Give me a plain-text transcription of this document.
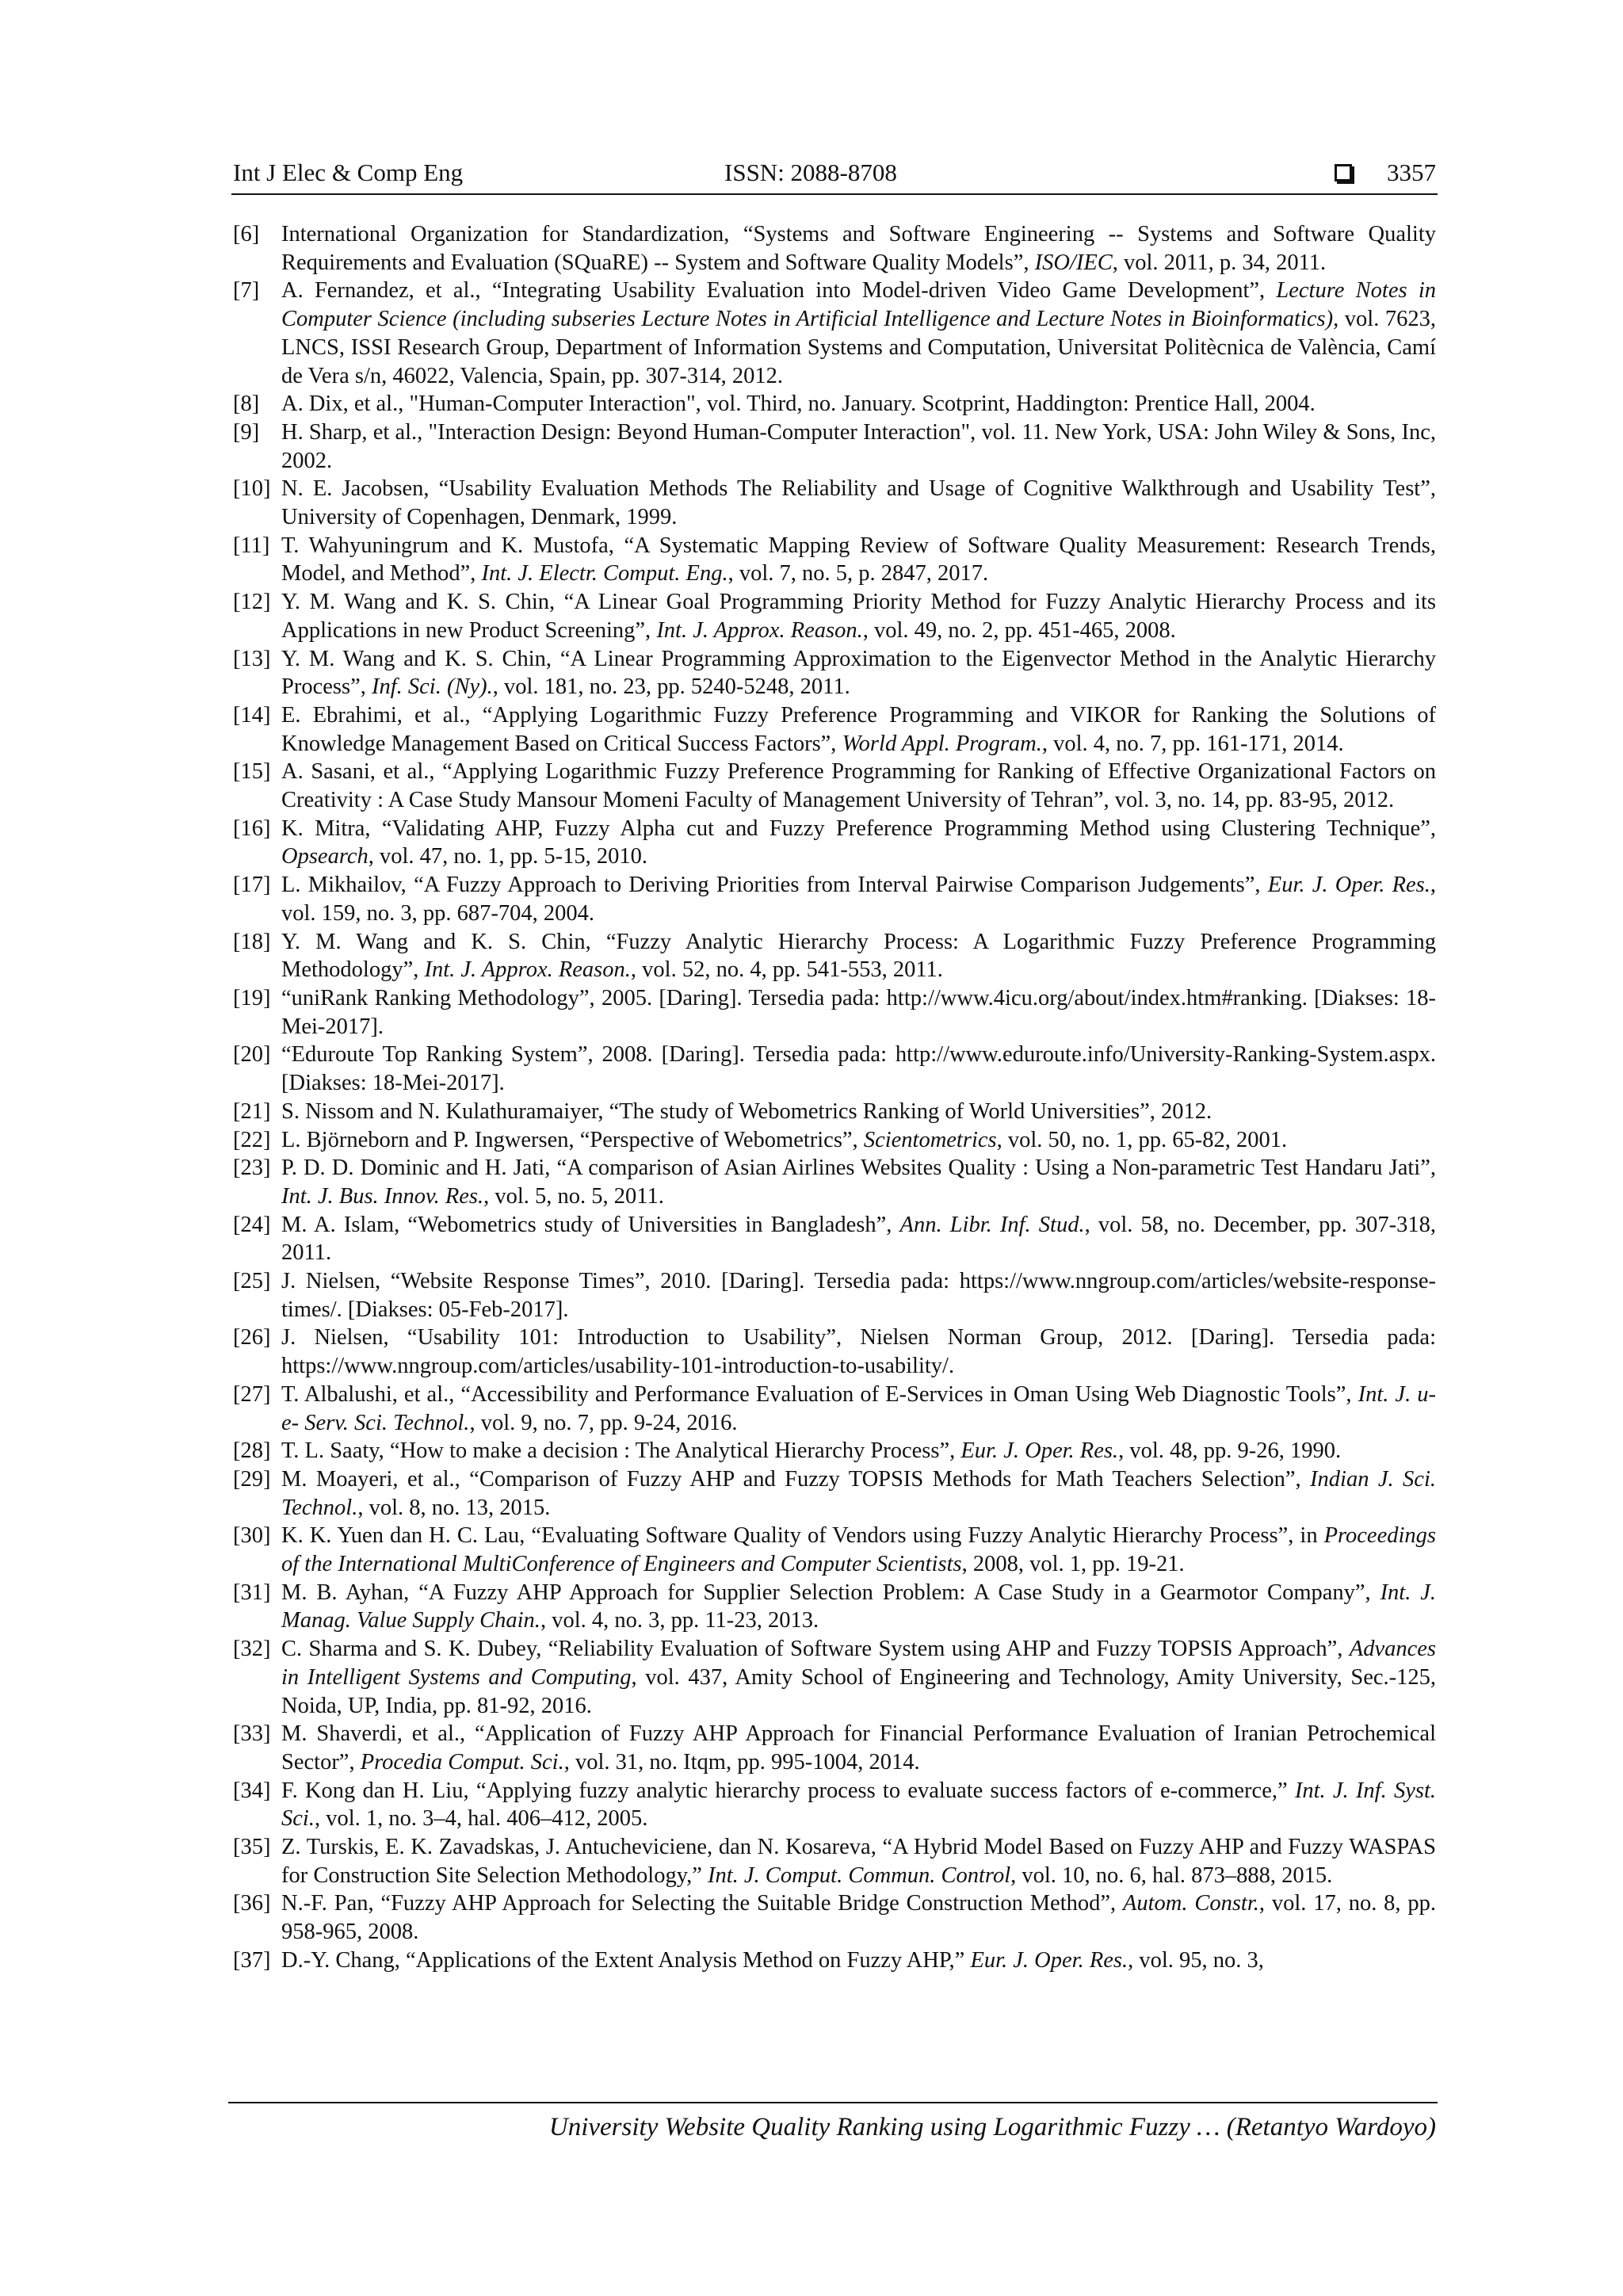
Int J Elec & Comp Eng	ISSN: 2088-8708	3357
[6] International Organization for Standardization, “Systems and Software Engineering -- Systems and Software Quality Requirements and Evaluation (SQuaRE) -- System and Software Quality Models”, ISO/IEC, vol. 2011, p. 34, 2011.
[7] A. Fernandez, et al., “Integrating Usability Evaluation into Model-driven Video Game Development”, Lecture Notes in Computer Science (including subseries Lecture Notes in Artificial Intelligence and Lecture Notes in Bioinformatics), vol. 7623, LNCS, ISSI Research Group, Department of Information Systems and Computation, Universitat Politècnica de València, Camí de Vera s/n, 46022, Valencia, Spain, pp. 307-314, 2012.
[8] A. Dix, et al., "Human-Computer Interaction", vol. Third, no. January. Scotprint, Haddington: Prentice Hall, 2004.
[9] H. Sharp, et al., "Interaction Design: Beyond Human-Computer Interaction", vol. 11. New York, USA: John Wiley & Sons, Inc, 2002.
[10] N. E. Jacobsen, “Usability Evaluation Methods The Reliability and Usage of Cognitive Walkthrough and Usability Test”, University of Copenhagen, Denmark, 1999.
[11] T. Wahyuningrum and K. Mustofa, “A Systematic Mapping Review of Software Quality Measurement: Research Trends, Model, and Method”, Int. J. Electr. Comput. Eng., vol. 7, no. 5, p. 2847, 2017.
[12] Y. M. Wang and K. S. Chin, “A Linear Goal Programming Priority Method for Fuzzy Analytic Hierarchy Process and its Applications in new Product Screening”, Int. J. Approx. Reason., vol. 49, no. 2, pp. 451-465, 2008.
[13] Y. M. Wang and K. S. Chin, “A Linear Programming Approximation to the Eigenvector Method in the Analytic Hierarchy Process”, Inf. Sci. (Ny)., vol. 181, no. 23, pp. 5240-5248, 2011.
[14] E. Ebrahimi, et al., “Applying Logarithmic Fuzzy Preference Programming and VIKOR for Ranking the Solutions of Knowledge Management Based on Critical Success Factors”, World Appl. Program., vol. 4, no. 7, pp. 161-171, 2014.
[15] A. Sasani, et al., “Applying Logarithmic Fuzzy Preference Programming for Ranking of Effective Organizational Factors on Creativity : A Case Study Mansour Momeni Faculty of Management University of Tehran”, vol. 3, no. 14, pp. 83-95, 2012.
[16] K. Mitra, “Validating AHP, Fuzzy Alpha cut and Fuzzy Preference Programming Method using Clustering Technique”, Opsearch, vol. 47, no. 1, pp. 5-15, 2010.
[17] L. Mikhailov, “A Fuzzy Approach to Deriving Priorities from Interval Pairwise Comparison Judgements”, Eur. J. Oper. Res., vol. 159, no. 3, pp. 687-704, 2004.
[18] Y. M. Wang and K. S. Chin, “Fuzzy Analytic Hierarchy Process: A Logarithmic Fuzzy Preference Programming Methodology”, Int. J. Approx. Reason., vol. 52, no. 4, pp. 541-553, 2011.
[19] “uniRank Ranking Methodology”, 2005. [Daring]. Tersedia pada: http://www.4icu.org/about/index.htm#ranking. [Diakses: 18-Mei-2017].
[20] “Eduroute Top Ranking System”, 2008. [Daring]. Tersedia pada: http://www.eduroute.info/University-Ranking-System.aspx. [Diakses: 18-Mei-2017].
[21] S. Nissom and N. Kulathuramaiyer, “The study of Webometrics Ranking of World Universities”, 2012.
[22] L. Björneborn and P. Ingwersen, “Perspective of Webometrics”, Scientometrics, vol. 50, no. 1, pp. 65-82, 2001.
[23] P. D. D. Dominic and H. Jati, “A comparison of Asian Airlines Websites Quality : Using a Non-parametric Test Handaru Jati”, Int. J. Bus. Innov. Res., vol. 5, no. 5, 2011.
[24] M. A. Islam, “Webometrics study of Universities in Bangladesh”, Ann. Libr. Inf. Stud., vol. 58, no. December, pp. 307-318, 2011.
[25] J. Nielsen, “Website Response Times”, 2010. [Daring]. Tersedia pada: https://www.nngroup.com/articles/website-response-times/. [Diakses: 05-Feb-2017].
[26] J. Nielsen, “Usability 101: Introduction to Usability”, Nielsen Norman Group, 2012. [Daring]. Tersedia pada: https://www.nngroup.com/articles/usability-101-introduction-to-usability/.
[27] T. Albalushi, et al., “Accessibility and Performance Evaluation of E-Services in Oman Using Web Diagnostic Tools”, Int. J. u- e- Serv. Sci. Technol., vol. 9, no. 7, pp. 9-24, 2016.
[28] T. L. Saaty, “How to make a decision : The Analytical Hierarchy Process”, Eur. J. Oper. Res., vol. 48, pp. 9-26, 1990.
[29] M. Moayeri, et al., “Comparison of Fuzzy AHP and Fuzzy TOPSIS Methods for Math Teachers Selection”, Indian J. Sci. Technol., vol. 8, no. 13, 2015.
[30] K. K. Yuen dan H. C. Lau, “Evaluating Software Quality of Vendors using Fuzzy Analytic Hierarchy Process”, in Proceedings of the International MultiConference of Engineers and Computer Scientists, 2008, vol. 1, pp. 19-21.
[31] M. B. Ayhan, “A Fuzzy AHP Approach for Supplier Selection Problem: A Case Study in a Gearmotor Company”, Int. J. Manag. Value Supply Chain., vol. 4, no. 3, pp. 11-23, 2013.
[32] C. Sharma and S. K. Dubey, “Reliability Evaluation of Software System using AHP and Fuzzy TOPSIS Approach”, Advances in Intelligent Systems and Computing, vol. 437, Amity School of Engineering and Technology, Amity University, Sec.-125, Noida, UP, India, pp. 81-92, 2016.
[33] M. Shaverdi, et al., “Application of Fuzzy AHP Approach for Financial Performance Evaluation of Iranian Petrochemical Sector”, Procedia Comput. Sci., vol. 31, no. Itqm, pp. 995-1004, 2014.
[34] F. Kong dan H. Liu, “Applying fuzzy analytic hierarchy process to evaluate success factors of e-commerce,” Int. J. Inf. Syst. Sci., vol. 1, no. 3–4, hal. 406–412, 2005.
[35] Z. Turskis, E. K. Zavadskas, J. Antucheviciene, dan N. Kosareva, “A Hybrid Model Based on Fuzzy AHP and Fuzzy WASPAS for Construction Site Selection Methodology,” Int. J. Comput. Commun. Control, vol. 10, no. 6, hal. 873–888, 2015.
[36] N.-F. Pan, “Fuzzy AHP Approach for Selecting the Suitable Bridge Construction Method”, Autom. Constr., vol. 17, no. 8, pp. 958-965, 2008.
[37] D.-Y. Chang, “Applications of the Extent Analysis Method on Fuzzy AHP,” Eur. J. Oper. Res., vol. 95, no. 3,
University Website Quality Ranking using Logarithmic Fuzzy … (Retantyo Wardoyo)
